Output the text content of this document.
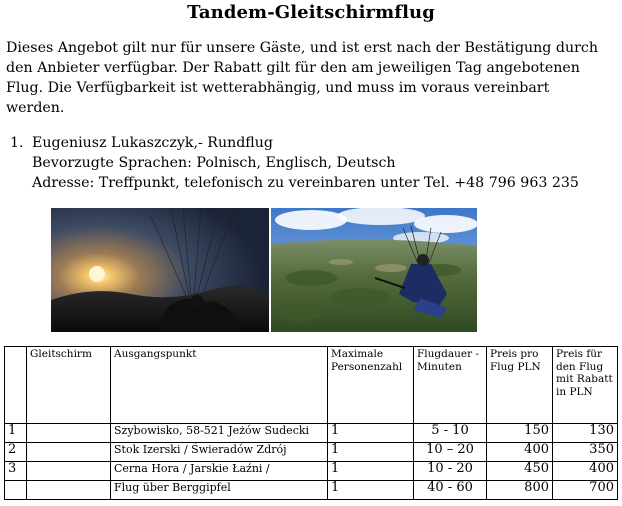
Tandem-Gleitschirmflug
Dieses Angebot gilt nur für unsere Gäste, und ist erst nach der Bestätigung durch den Anbieter verfügbar. Der Rabatt gilt für den am jeweiligen Tag angebotenen Flug. Die Verfügbarkeit ist wetterabhängig, und muss im voraus vereinbart werden.
1. Eugeniusz Lukaszczyk,- Rundflug
Bevorzugte Sprachen: Polnisch, Englisch, Deutsch
Adresse: Treffpunkt, telefonisch zu vereinbaren unter Tel. +48 796 963 235
	Gleitschirm	Ausgangspunkt	Maximale Personenzahl	Flugdauer - Minuten	Preis pro Flug PLN	Preis für den Flug mit Rabatt in PLN
1		Szybowisko, 58-521 Jeżów Sudecki	1	5 - 10	150	130
2		Stok Izerski / Świeradów Zdrój	1	10 – 20	400	350
3		Cerna Hora / Jarskie Łaźni /	1	10 - 20	450	400
		Flug über Berggipfel	1	40 - 60	800	700
